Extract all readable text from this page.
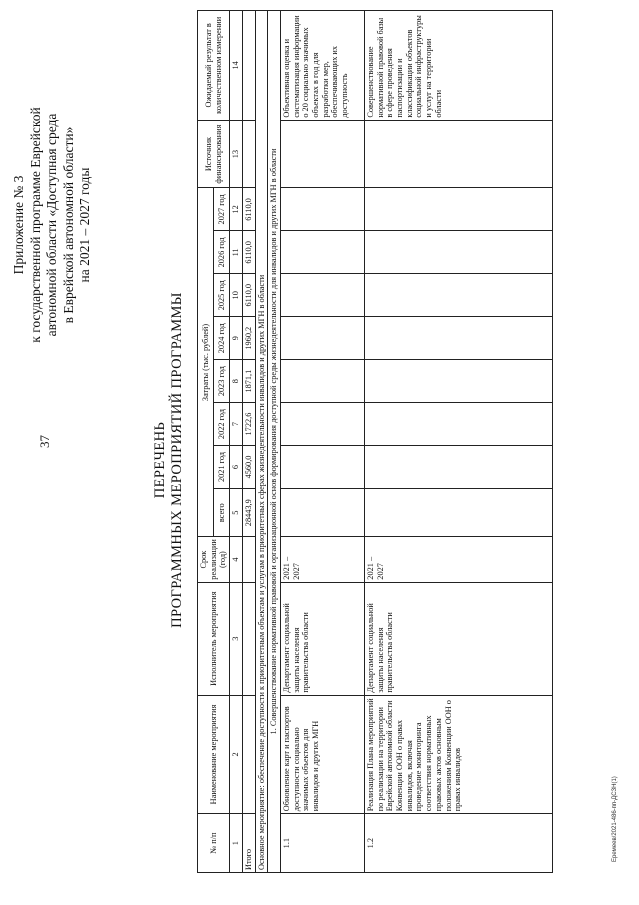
37
Еремеев/2021-486-пп-ДСЗН(1)
Приложение № 3 к государственной программе Еврейской автономной области «Доступная среда в Еврейской автономной области» на 2021 – 2027 годы
ПЕРЕЧЕНЬ ПРОГРАММНЫХ МЕРОПРИЯТИЙ ПРОГРАММЫ
№ п/п	Наименование мероприятия	Исполнитель мероприятия	Срок реализации (год)	Затраты (тыс. рублей)								Источник финансирования	Ожидаемый результат в количественном измерении
				всего	2021 год	2022 год	2023 год	2024 год	2025 год	2026 год	2027 год		
1	2	3	4	5	6	7	8	9	10	11	12	13	14
Итого				28443,9	4560,0	1722,6	1871,1	1960,2	6110,0	6110,0	6110,0		
Основное мероприятие: обеспечение доступности к приоритетным объектам и услугам в приоритетных сферах жизнедеятельности инвалидов и других МГН в области													
1. Совершенствование нормативной правовой и организационной основ формирования доступной среды жизнедеятельности для инвалидов и других МГН в области													
1.1	Обновление карт и паспортов доступности социально значимых объектов для инвалидов и других МГН	Департамент социальной защиты населения правительства области	2021 – 2027										Объективная оценка и систематизация информации о 20 социально значимых объектах в год для разработки мер, обеспечивающих их доступность
1.2	Реализация Плана мероприятий по реализации на территории Еврейской автономной области Конвенции ООН о правах инвалидов, включая проведение мониторинга соответствия нормативных правовых актов основным положениям Конвенции ООН о правах инвалидов	Департамент социальной защиты населения правительства области	2021 – 2027										Совершенствование нормативной правовой базы в сфере проведения паспортизации и классификации объектов социальной инфраструктуры и услуг на территории области
